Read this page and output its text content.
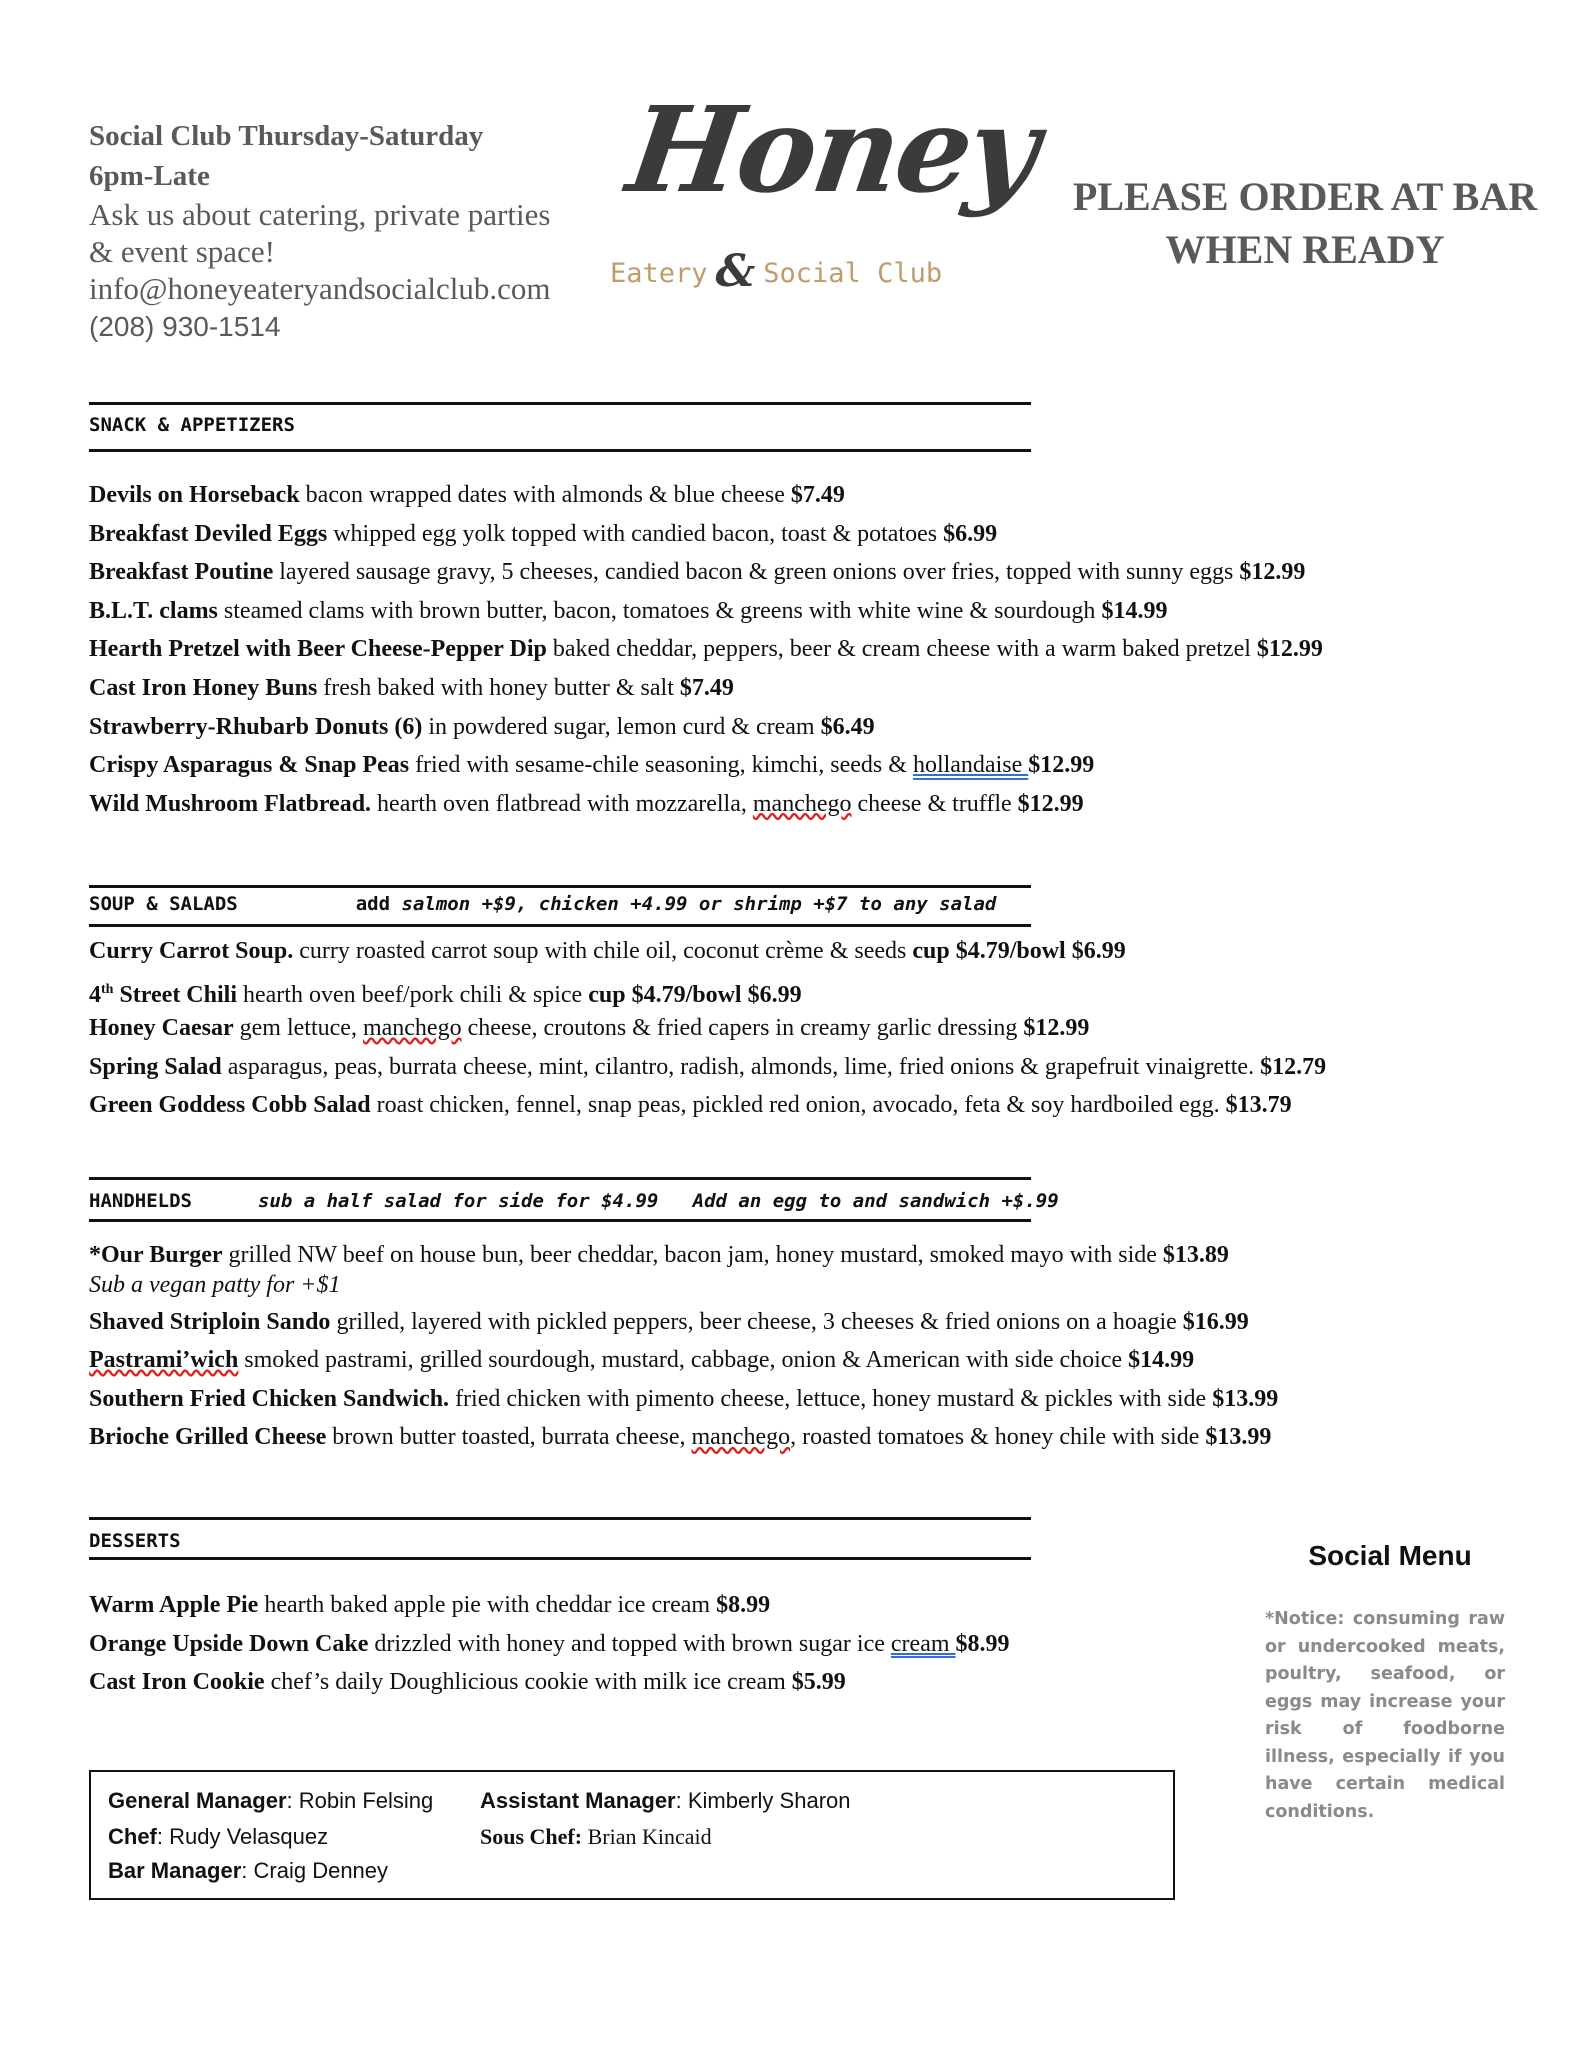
Social Club Thursday-Saturday
6pm-Late
Ask us about catering, private parties
& event space!
info@honeyeateryandsocialclub.com
(208) 930-1514
Honey
Eatery & Social Club
PLEASE ORDER AT BAR
WHEN READY
SNACK & APPETIZERS
Devils on Horseback bacon wrapped dates with almonds & blue cheese $7.49
Breakfast Deviled Eggs whipped egg yolk topped with candied bacon, toast & potatoes $6.99
Breakfast Poutine layered sausage gravy, 5 cheeses, candied bacon & green onions over fries, topped with sunny eggs $12.99
B.L.T. clams steamed clams with brown butter, bacon, tomatoes & greens with white wine & sourdough $14.99
Hearth Pretzel with Beer Cheese-Pepper Dip baked cheddar, peppers, beer & cream cheese with a warm baked pretzel $12.99
Cast Iron Honey Buns fresh baked with honey butter & salt $7.49
Strawberry-Rhubarb Donuts (6) in powdered sugar, lemon curd & cream $6.49
Crispy Asparagus & Snap Peas fried with sesame-chile seasoning, kimchi, seeds & hollandaise $12.99
Wild Mushroom Flatbread. hearth oven flatbread with mozzarella, manchego cheese & truffle $12.99
SOUP & SALADS	add salmon +$9, chicken +4.99 or shrimp +$7 to any salad
Curry Carrot Soup. curry roasted carrot soup with chile oil, coconut crème & seeds cup $4.79/bowl $6.99
4th Street Chili hearth oven beef/pork chili & spice cup $4.79/bowl $6.99
Honey Caesar gem lettuce, manchego cheese, croutons & fried capers in creamy garlic dressing $12.99
Spring Salad asparagus, peas, burrata cheese, mint, cilantro, radish, almonds, lime, fried onions & grapefruit vinaigrette. $12.79
Green Goddess Cobb Salad roast chicken, fennel, snap peas, pickled red onion, avocado, feta & soy hardboiled egg. $13.79
HANDHELDS	sub a half salad for side for $4.99   Add an egg to and sandwich +$.99
*Our Burger grilled NW beef on house bun, beer cheddar, bacon jam, honey mustard, smoked mayo with side $13.89
Sub a vegan patty for +$1
Shaved Striploin Sando grilled, layered with pickled peppers, beer cheese, 3 cheeses & fried onions on a hoagie $16.99
Pastrami’wich smoked pastrami, grilled sourdough, mustard, cabbage, onion & American with side choice $14.99
Southern Fried Chicken Sandwich. fried chicken with pimento cheese, lettuce, honey mustard & pickles with side $13.99
Brioche Grilled Cheese brown butter toasted, burrata cheese, manchego, roasted tomatoes & honey chile with side $13.99
DESSERTS
Warm Apple Pie hearth baked apple pie with cheddar ice cream $8.99
Orange Upside Down Cake drizzled with honey and topped with brown sugar ice cream $8.99
Cast Iron Cookie chef’s daily Doughlicious cookie with milk ice cream $5.99
Social Menu
*Notice: consuming raw or undercooked meats, poultry, seafood, or eggs may increase your risk of foodborne illness, especially if you have certain medical conditions.
General Manager: Robin Felsing Assistant Manager: Kimberly Sharon
Chef: Rudy Velasquez	Sous Chef: Brian Kincaid
Bar Manager: Craig Denney
